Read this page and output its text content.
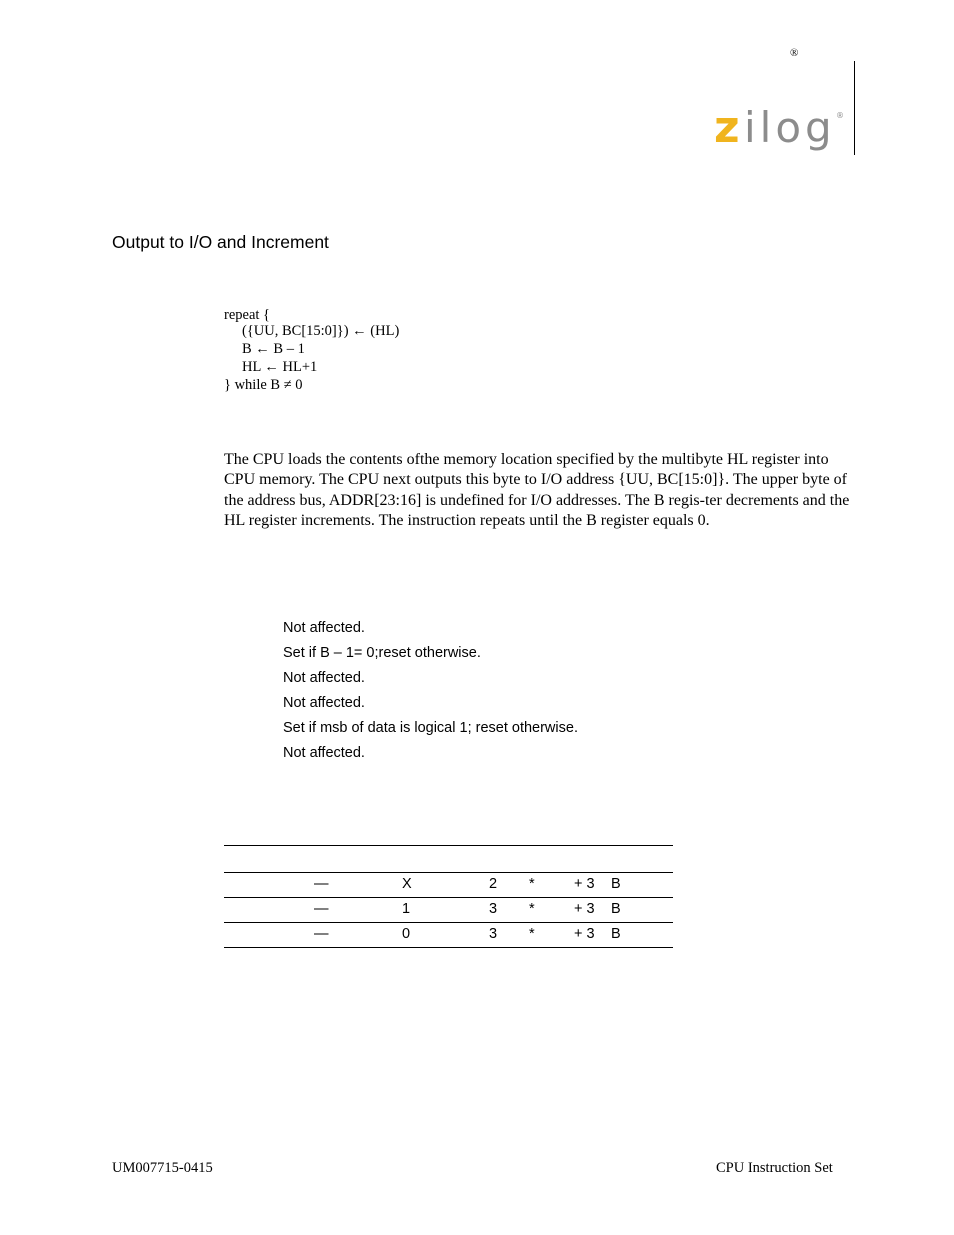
®
z ilog ®
Output to I/O and Increment
repeat {
({UU, BC[15:0]}) ← (HL)
B ← B – 1
HL ← HL+1
} while B ≠ 0
The CPU loads the contents ofthe memory location specified by the multibyte HL register into CPU memory. The CPU next outputs this byte to I/O address {UU, BC[15:0]}. The upper byte of the address bus, ADDR[23:16] is undefined for I/O addresses. The B regis-ter decrements and the HL register increments. The instruction repeats until the B register equals 0.
Not affected.
Set if B – 1= 0;reset otherwise.
Not affected.
Not affected.
Set if msb of data is logical 1; reset otherwise.
Not affected.
—	X	2 *	+ 3 B
—	1	3 *	+ 3 B
—	0	3 *	+ 3 B
UM007715-0415	CPU Instruction Set
